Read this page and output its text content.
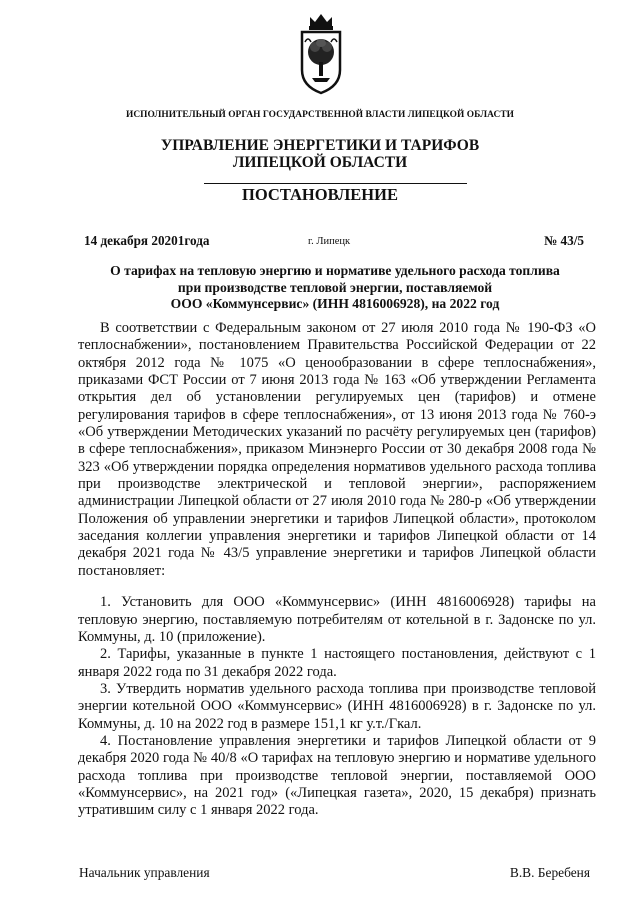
ИСПОЛНИТЕЛЬНЫЙ ОРГАН ГОСУДАРСТВЕННОЙ ВЛАСТИ ЛИПЕЦКОЙ ОБЛАСТИ
УПРАВЛЕНИЕ ЭНЕРГЕТИКИ И ТАРИФОВ
ЛИПЕЦКОЙ ОБЛАСТИ
ПОСТАНОВЛЕНИЕ
14 декабря 20201года	г. Липецк	№ 43/5
О тарифах на тепловую энергию и нормативе удельного расхода топлива
при производстве тепловой энергии, поставляемой
ООО «Коммунсервис» (ИНН 4816006928), на 2022 год

В соответствии с Федеральным законом от 27 июля 2010 года № 190-ФЗ «О теплоснабжении», постановлением Правительства Российской Федерации от 22 октября 2012 года № 1075 «О ценообразовании в сфере теплоснабжения», приказами ФСТ России от 7 июня 2013 года № 163 «Об утверждении Регламента открытия дел об установлении регулируемых цен (тарифов) и отмене регулирования тарифов в сфере теплоснабжения», от 13 июня 2013 года № 760-э «Об утверждении Методических указаний по расчёту регулируемых цен (тарифов) в сфере теплоснабжения», приказом Минэнерго России от 30 декабря 2008 года № 323 «Об утверждении порядка определения нормативов удельного расхода топлива при производстве электрической и тепловой энергии», распоряжением администрации Липецкой области от 27 июля 2010 года № 280-р «Об утверждении Положения об управлении энергетики и тарифов Липецкой области», протоколом заседания коллегии управления энергетики и тарифов Липецкой области от 14 декабря 2021 года № 43/5 управление энергетики и тарифов Липецкой области постановляет:

1. Установить для ООО «Коммунсервис» (ИНН 4816006928) тарифы на тепловую энергию, поставляемую потребителям от котельной в г. Задонске по ул. Коммуны, д. 10 (приложение).

2. Тарифы, указанные в пункте 1 настоящего постановления, действуют с 1 января 2022 года по 31 декабря 2022 года.

3. Утвердить норматив удельного расхода топлива при производстве тепловой энергии котельной ООО «Коммунсервис» (ИНН 4816006928) в г. Задонске по ул. Коммуны, д. 10 на 2022 год в размере 151,1 кг у.т./Гкал.

4. Постановление управления энергетики и тарифов Липецкой области от 9 декабря 2020 года № 40/8 «О тарифах на тепловую энергию и нормативе удельного расхода топлива при производстве тепловой энергии, поставляемой ООО «Коммунсервис», на 2021 год» («Липецкая газета», 2020, 15 декабря) признать утратившим силу с 1 января 2022 года.

Начальник управления	В.В. Беребеня
